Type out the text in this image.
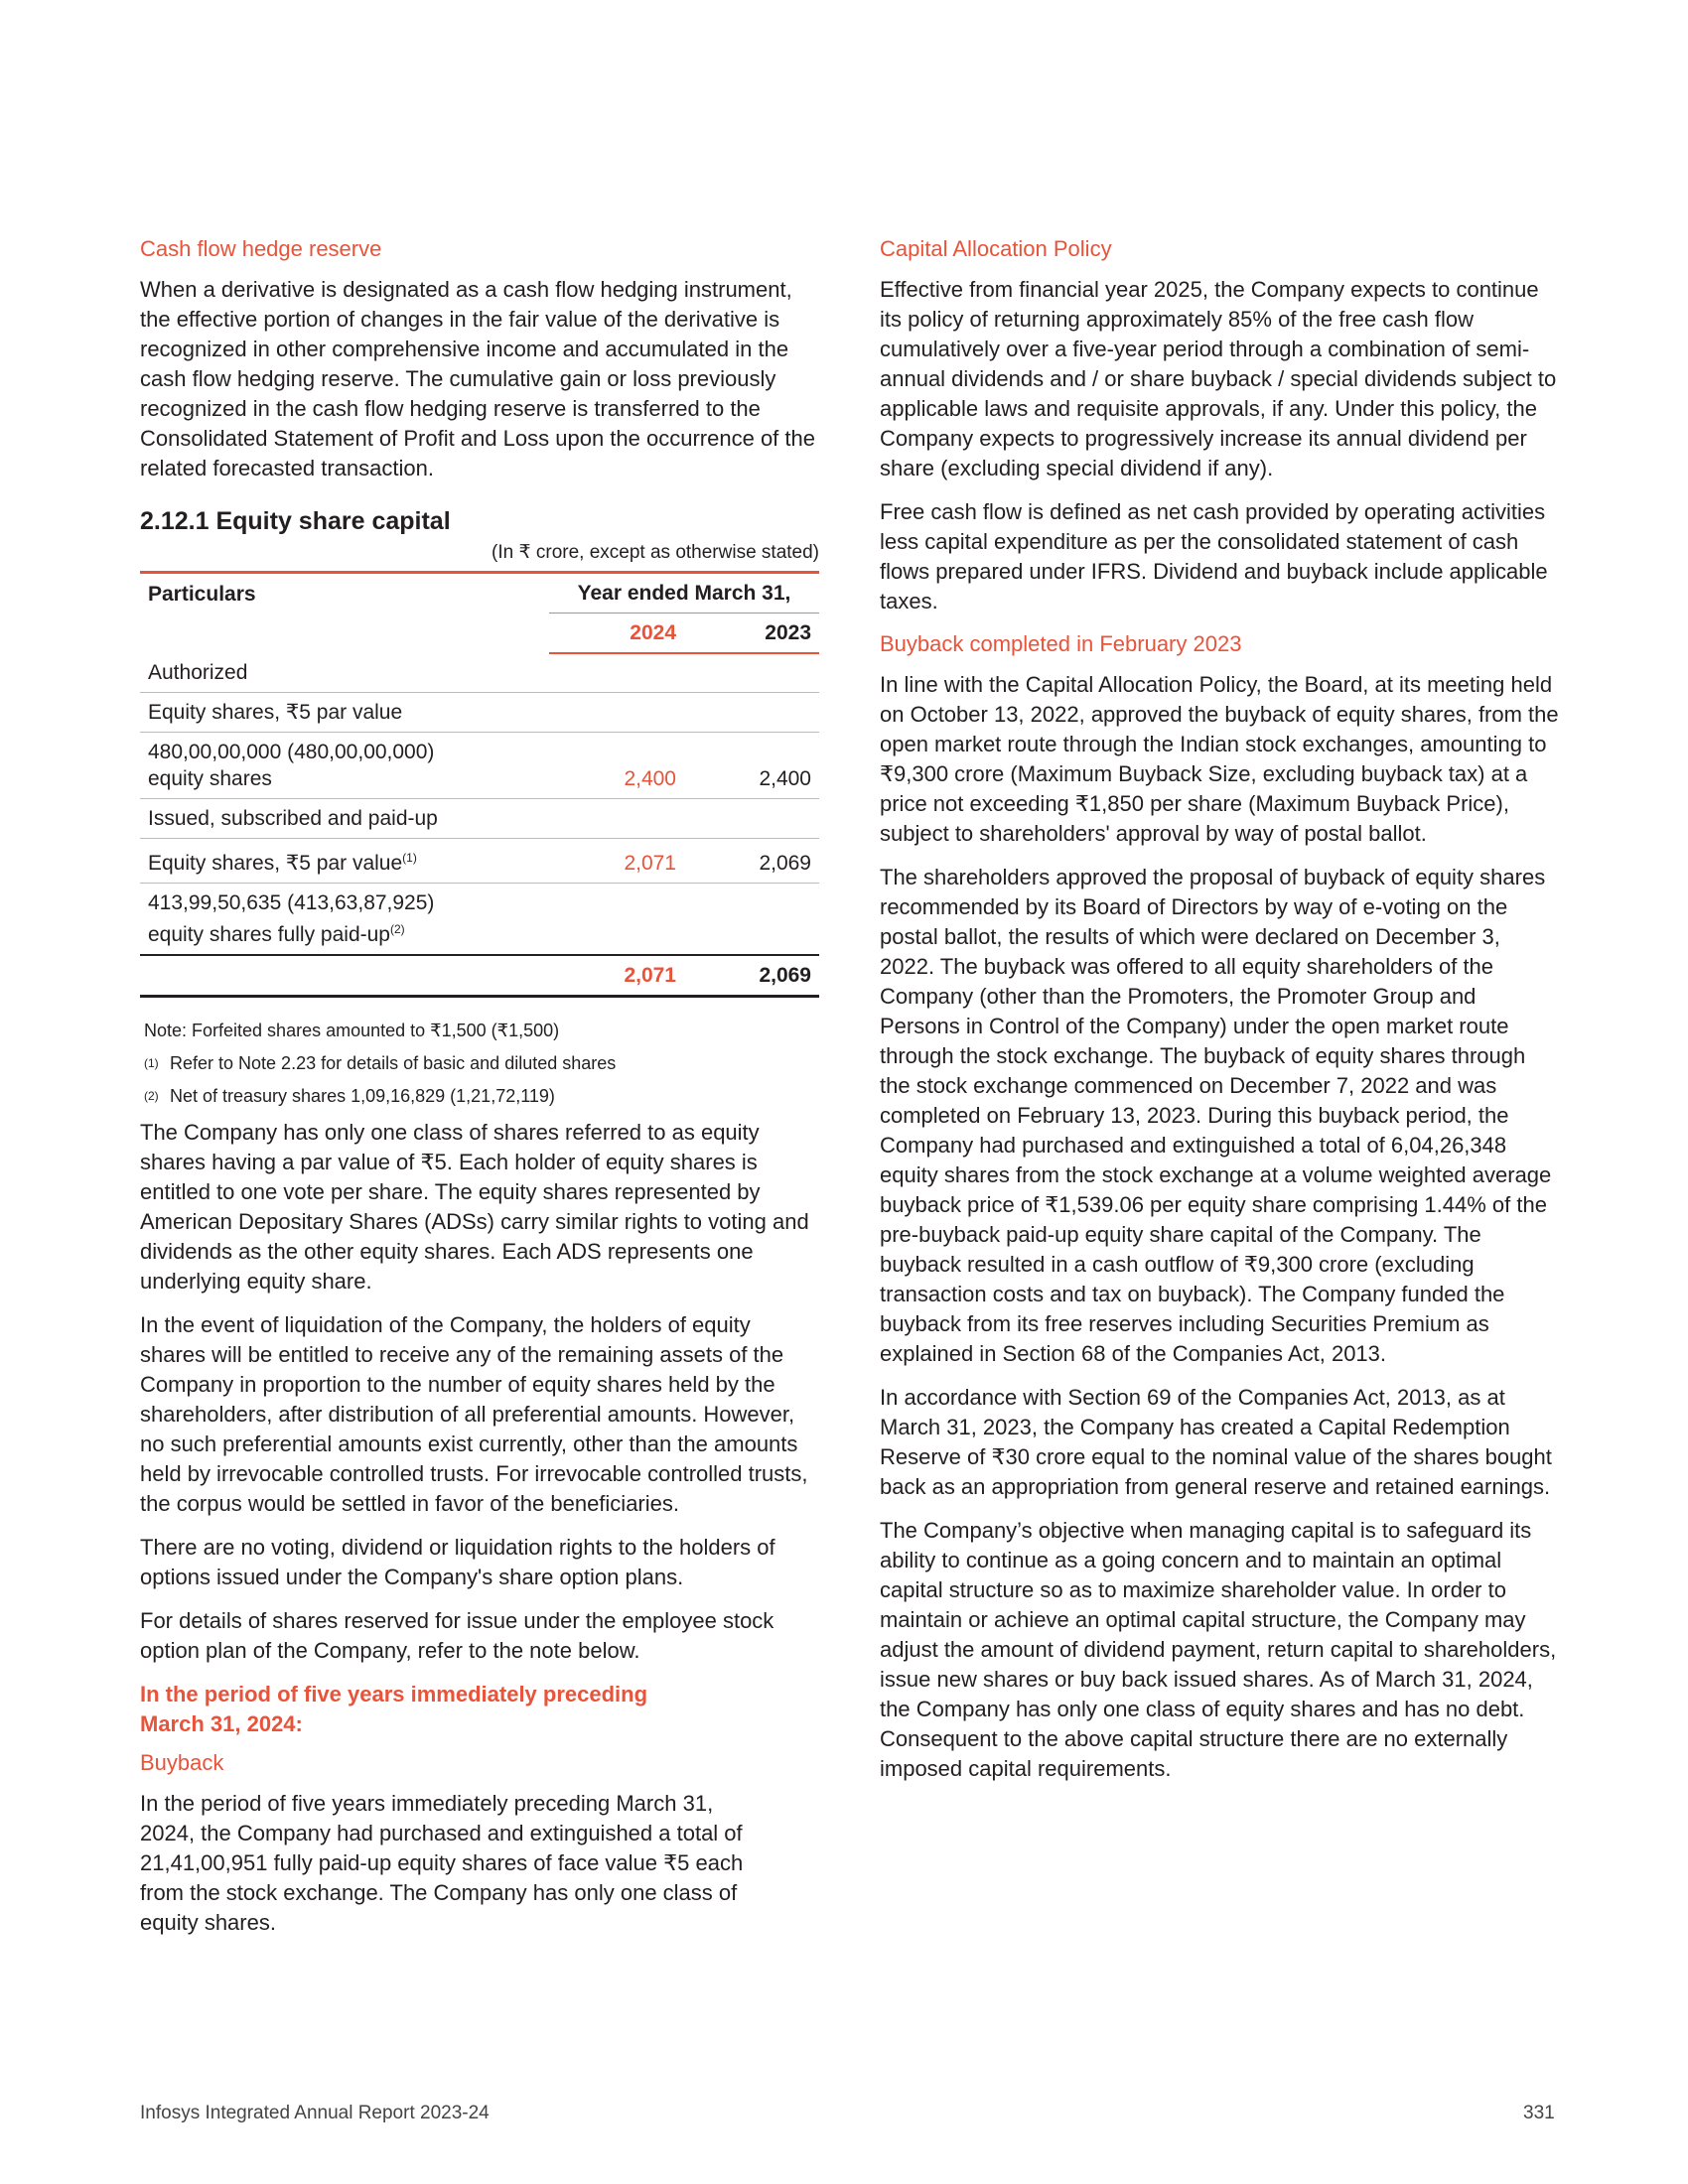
Cash flow hedge reserve

When a derivative is designated as a cash flow hedging instrument, the effective portion of changes in the fair value of the derivative is recognized in other comprehensive income and accumulated in the cash flow hedging reserve. The cumulative gain or loss previously recognized in the cash flow hedging reserve is transferred to the Consolidated Statement of Profit and Loss upon the occurrence of the related forecasted transaction.

2.12.1 Equity share capital
(In ₹ crore, except as otherwise stated)
Particulars	Year ended March 31,	
	2024	2023
Authorized		
Equity shares, ₹5 par value		
480,00,00,000 (480,00,00,000) equity shares	2,400	2,400
Issued, subscribed and paid-up		
Equity shares, ₹5 par value$^{(1)}$	2,071	2,069
413,99,50,635 (413,63,87,925) equity shares fully paid-$up^{(2)}$		
	2,071	2,069
Note: Forfeited shares amounted to ₹1,500 (₹1,500)
(1) Refer to Note 2.23 for details of basic and diluted shares
(2) Net of treasury shares 1,09,16,829 (1,21,72,119)

The Company has only one class of shares referred to as equity shares having a par value of ₹5. Each holder of equity shares is entitled to one vote per share. The equity shares represented by American Depositary Shares (ADSs) carry similar rights to voting and dividends as the other equity shares. Each ADS represents one underlying equity share.

In the event of liquidation of the Company, the holders of equity shares will be entitled to receive any of the remaining assets of the Company in proportion to the number of equity shares held by the shareholders, after distribution of all preferential amounts. However, no such preferential amounts exist currently, other than the amounts held by irrevocable controlled trusts. For irrevocable controlled trusts, the corpus would be settled in favor of the beneficiaries.

There are no voting, dividend or liquidation rights to the holders of options issued under the Company's share option plans.

For details of shares reserved for issue under the employee stock option plan of the Company, refer to the note below.

In the period of five years immediately preceding March 31, 2024:
Buyback

In the period of five years immediately preceding March 31, 2024, the Company had purchased and extinguished a total of 21,41,00,951 fully paid-up equity shares of face value ₹5 each from the stock exchange. The Company has only one class of equity shares.

Capital Allocation Policy

Effective from financial year 2025, the Company expects to continue its policy of returning approximately 85% of the free cash flow cumulatively over a five-year period through a combination of semi-annual dividends and / or share buyback / special dividends subject to applicable laws and requisite approvals, if any. Under this policy, the Company expects to progressively increase its annual dividend per share (excluding special dividend if any).

Free cash flow is defined as net cash provided by operating activities less capital expenditure as per the consolidated statement of cash flows prepared under IFRS. Dividend and buyback include applicable taxes.

Buyback completed in February 2023

In line with the Capital Allocation Policy, the Board, at its meeting held on October 13, 2022, approved the buyback of equity shares, from the open market route through the Indian stock exchanges, amounting to ₹9,300 crore (Maximum Buyback Size, excluding buyback tax) at a price not exceeding ₹1,850 per share (Maximum Buyback Price), subject to shareholders' approval by way of postal ballot.

The shareholders approved the proposal of buyback of equity shares recommended by its Board of Directors by way of e-voting on the postal ballot, the results of which were declared on December 3, 2022. The buyback was offered to all equity shareholders of the Company (other than the Promoters, the Promoter Group and Persons in Control of the Company) under the open market route through the stock exchange. The buyback of equity shares through the stock exchange commenced on December 7, 2022 and was completed on February 13, 2023. During this buyback period, the Company had purchased and extinguished a total of 6,04,26,348 equity shares from the stock exchange at a volume weighted average buyback price of ₹1,539.06 per equity share comprising 1.44% of the pre-buyback paid-up equity share capital of the Company. The buyback resulted in a cash outflow of ₹9,300 crore (excluding transaction costs and tax on buyback). The Company funded the buyback from its free reserves including Securities Premium as explained in Section 68 of the Companies Act, 2013.

In accordance with Section 69 of the Companies Act, 2013, as at March 31, 2023, the Company has created a Capital Redemption Reserve of ₹30 crore equal to the nominal value of the shares bought back as an appropriation from general reserve and retained earnings.

The Company’s objective when managing capital is to safeguard its ability to continue as a going concern and to maintain an optimal capital structure so as to maximize shareholder value. In order to maintain or achieve an optimal capital structure, the Company may adjust the amount of dividend payment, return capital to shareholders, issue new shares or buy back issued shares. As of March 31, 2024, the Company has only one class of equity shares and has no debt. Consequent to the above capital structure there are no externally imposed capital requirements.

Infosys Integrated Annual Report 2023-24	331
